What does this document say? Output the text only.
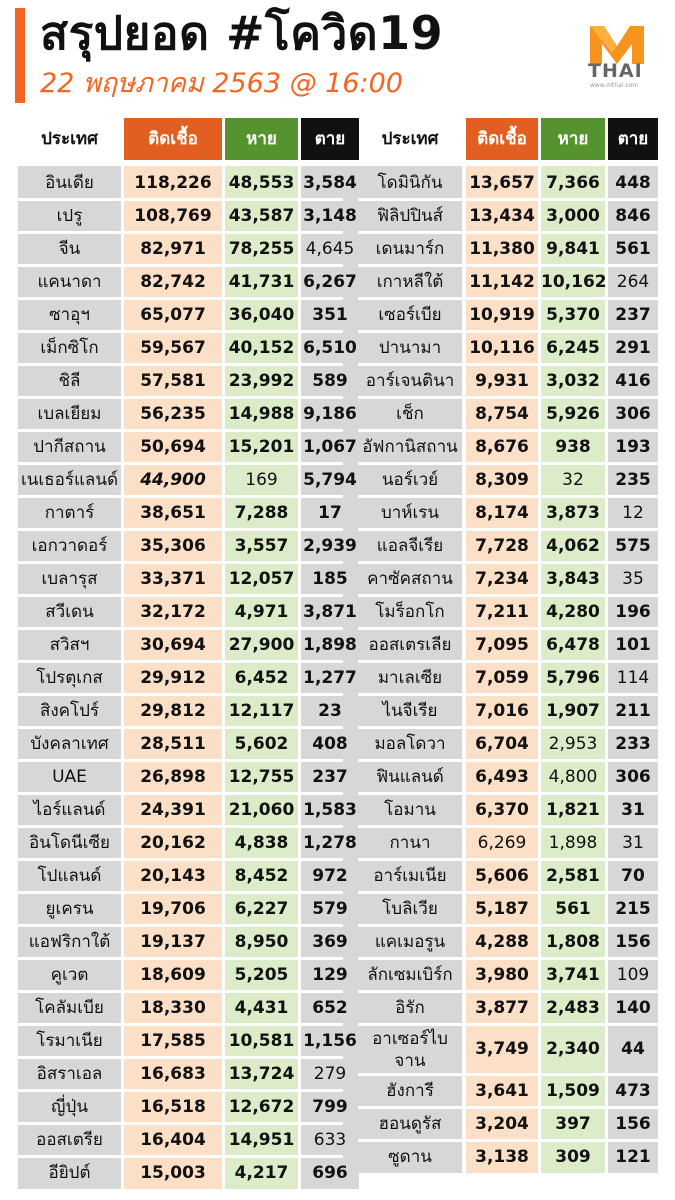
สรุปยอด #โควิด19
22 พฤษภาคม 2563 @ 16:00	THAI
www.mthai.com
ประเทศ	ติดเชื้อ	หาย	ตาย
อินเดีย	118,226 48,553 3,584
เปรู	108,769 43,587 3,148
จีน	82,971	78,255 4,645
แคนาดา	82,742	41,731 6,267
ซาอุฯ	65,077	36,040	351
เม็กซิโก	59,567	40,152 6,510
ชิลี	57,581	23,992	589
เบลเยียม	56,235	14,988 9,186
ปากีสถาน	50,694	15,201 1,067
เนเธอร์แลนด์	44,900	169	5,794
กาตาร์	38,651	7,288	17
เอกวาดอร์	35,306	3,557 2,939
เบลารุส	33,371	12,057	185
สวีเดน	32,172	4,971 3,871
สวิสฯ	30,694	27,900 1,898
โปรตุเกส	29,912	6,452 1,277
สิงคโปร์	29,812	12,117	23
บังคลาเทศ	28,511	5,602	408
UAE	26,898	12,755	237
ไอร์แลนด์	24,391	21,060 1,583
อินโดนีเซีย	20,162	4,838 1,278
โปแลนด์	20,143	8,452	972
ยูเครน	19,706	6,227	579
แอฟริกาใต้	19,137	8,950	369
คูเวต	18,609	5,205	129
โคลัมเบีย	18,330	4,431	652
โรมาเนีย	17,585	10,581 1,156
อิสราเอล	16,683	13,724	279
ญี่ปุ่น	16,518	12,672	799
ออสเตรีย	16,404	14,951	633
อียิปต์	15,003	4,217	696
ประเทศ	ติดเชื้อ	หาย	ตาย
โดมินิกัน	13,657 7,366 448
ฟิลิปปินส์	13,434 3,000 846
เดนมาร์ก	11,380 9,841 561
เกาหลีใต้	11,142 10,162 264
เซอร์เบีย	10,919 5,370 237
ปานามา	10,116 6,245 291
อาร์เจนตินา	9,931	3,032 416
เช็ก	8,754	5,926 306
อัฟกานิสถาน	8,676	938	193
นอร์เวย์	8,309	32	235
บาห์เรน	8,174	3,873	12
แอลจีเรีย	7,728	4,062 575
คาซัคสถาน	7,234	3,843	35
โมร็อกโก	7,211	4,280 196
ออสเตรเลีย	7,095	6,478 101
มาเลเซีย	7,059	5,796 114
ไนจีเรีย	7,016	1,907 211
มอลโดวา	6,704	2,953	233
ฟินแลนด์	6,493	4,800	306
โอมาน	6,370	1,821	31
กานา	6,269	1,898	31
อาร์เมเนีย	5,606	2,581	70
โบลิเวีย	5,187	561	215
แคเมอรูน	4,288	1,808 156
ลักเซมเบิร์ก	3,980	3,741 109
อิรัก	3,877	2,483 140
อาเซอร์ไบ
จาน
3,749	2,340	44
ฮังการี	3,641	1,509 473
ฮอนดูรัส	3,204	397	156
ซูดาน	3,138	309	121
